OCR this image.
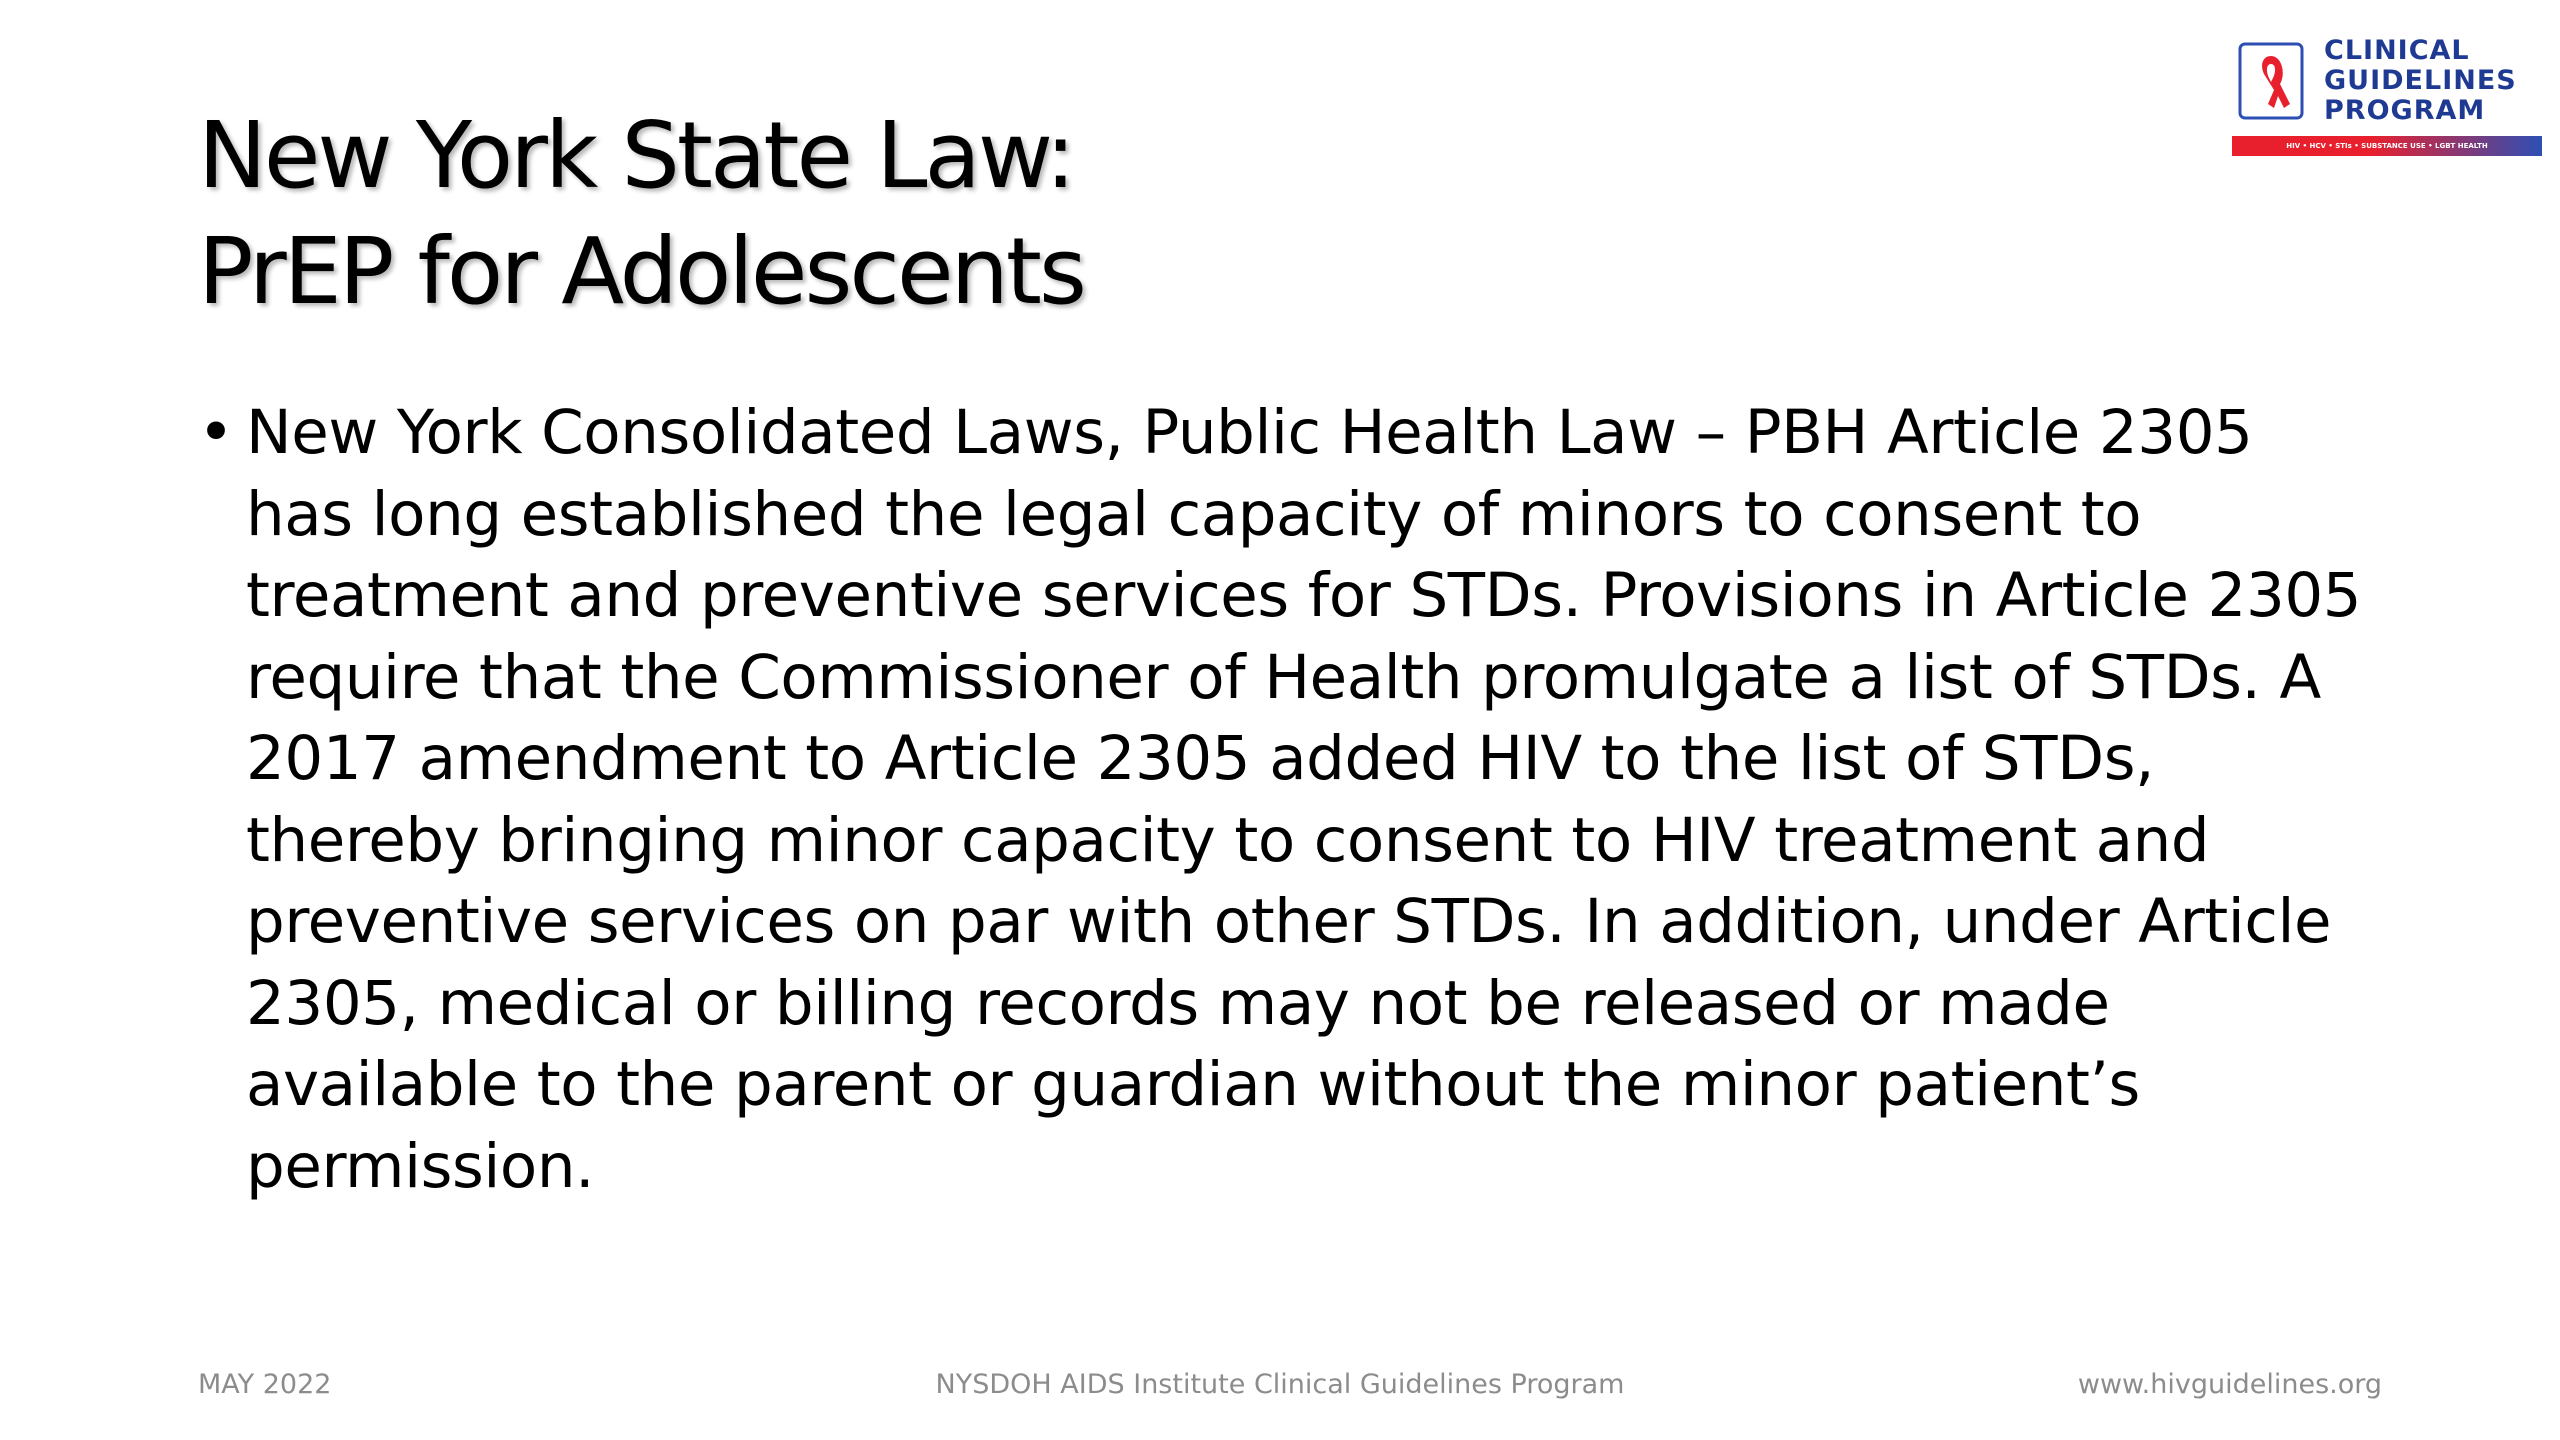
CLINICAL
GUIDELINES
PROGRAM
HIV • HCV • STIs • SUBSTANCE USE • LGBT HEALTH
New York State Law:
PrEP for Adolescents
• New York Consolidated Laws, Public Health Law – PBH Article 2305
has long established the legal capacity of minors to consent to
treatment and preventive services for STDs. Provisions in Article 2305
require that the Commissioner of Health promulgate a list of STDs. A
2017 amendment to Article 2305 added HIV to the list of STDs,
thereby bringing minor capacity to consent to HIV treatment and
preventive services on par with other STDs. In addition, under Article
2305, medical or billing records may not be released or made
available to the parent or guardian without the minor patient’s
permission.
MAY 2022	NYSDOH AIDS Institute Clinical Guidelines Program	www.hivguidelines.org
